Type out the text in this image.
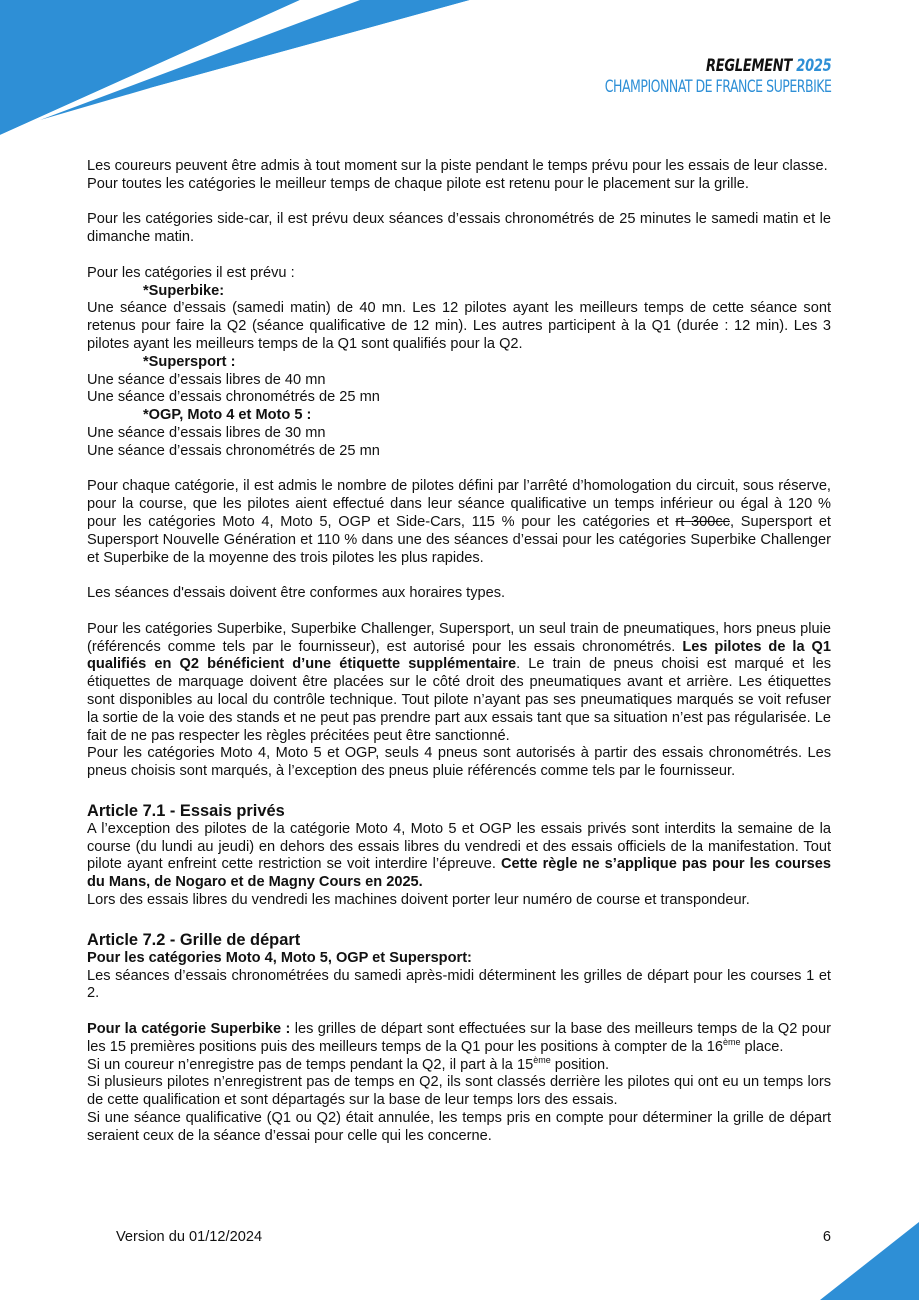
REGLEMENT 2025
CHAMPIONNAT DE FRANCE SUPERBIKE

Les coureurs peuvent être admis à tout moment sur la piste pendant le temps prévu pour les essais de leur classe.

Pour toutes les catégories le meilleur temps de chaque pilote est retenu pour le placement sur la grille.

Pour les catégories side-car, il est prévu deux séances d’essais chronométrés de 25 minutes le samedi matin et le dimanche matin.

Pour les catégories il est prévu :

*Superbike:

Une séance d’essais (samedi matin) de 40 mn. Les 12 pilotes ayant les meilleurs temps de cette séance sont retenus pour faire la Q2 (séance qualificative de 12 min). Les autres participent à la Q1 (durée : 12 min). Les 3 pilotes ayant les meilleurs temps de la Q1 sont qualifiés pour la Q2.

*Supersport :

Une séance d’essais libres de 40 mn

Une séance d’essais chronométrés de 25 mn

*OGP, Moto 4 et Moto 5 :

Une séance d’essais libres de 30 mn

Une séance d’essais chronométrés de 25 mn

Pour chaque catégorie, il est admis le nombre de pilotes défini par l’arrêté d’homologation du circuit, sous réserve, pour la course, que les pilotes aient effectué dans leur séance qualificative un temps inférieur ou égal à 120 % pour les catégories Moto 4, Moto 5, OGP et Side-Cars, 115 % pour les catégories et rt 300cc, Supersport et Supersport Nouvelle Génération et 110 % dans une des séances d’essai pour les catégories Superbike Challenger et Superbike de la moyenne des trois pilotes les plus rapides.

Les séances d'essais doivent être conformes aux horaires types.

Pour les catégories Superbike, Superbike Challenger, Supersport, un seul train de pneumatiques, hors pneus pluie (référencés comme tels par le fournisseur), est autorisé pour les essais chronométrés. Les pilotes de la Q1 qualifiés en Q2 bénéficient d’une étiquette supplémentaire. Le train de pneus choisi est marqué et les étiquettes de marquage doivent être placées sur le côté droit des pneumatiques avant et arrière. Les étiquettes sont disponibles au local du contrôle technique. Tout pilote n’ayant pas ses pneumatiques marqués se voit refuser la sortie de la voie des stands et ne peut pas prendre part aux essais tant que sa situation n’est pas régularisée. Le fait de ne pas respecter les règles précitées peut être sanctionné.

Pour les catégories Moto 4, Moto 5 et OGP, seuls 4 pneus sont autorisés à partir des essais chronométrés. Les pneus choisis sont marqués, à l’exception des pneus pluie référencés comme tels par le fournisseur.

Article 7.1 - Essais privés

A l’exception des pilotes de la catégorie Moto 4, Moto 5 et OGP les essais privés sont interdits la semaine de la course (du lundi au jeudi) en dehors des essais libres du vendredi et des essais officiels de la manifestation. Tout pilote ayant enfreint cette restriction se voit interdire l’épreuve. Cette règle ne s’applique pas pour les courses du Mans, de Nogaro et de Magny Cours en 2025.

Lors des essais libres du vendredi les machines doivent porter leur numéro de course et transpondeur.

Article 7.2 - Grille de départ

Pour les catégories Moto 4, Moto 5, OGP et Supersport:

Les séances d’essais chronométrées du samedi après-midi déterminent les grilles de départ pour les courses 1 et 2.

Pour la catégorie Superbike : les grilles de départ sont effectuées sur la base des meilleurs temps de la Q2 pour les 15 premières positions puis des meilleurs temps de la Q1 pour les positions à compter de la 16ème place.

Si un coureur n’enregistre pas de temps pendant la Q2, il part à la 15ème position.

Si plusieurs pilotes n’enregistrent pas de temps en Q2, ils sont classés derrière les pilotes qui ont eu un temps lors de cette qualification et sont départagés sur la base de leur temps lors des essais.

Si une séance qualificative (Q1 ou Q2) était annulée, les temps pris en compte pour déterminer la grille de départ seraient ceux de la séance d’essai pour celle qui les concerne.

Version du 01/12/2024	6
